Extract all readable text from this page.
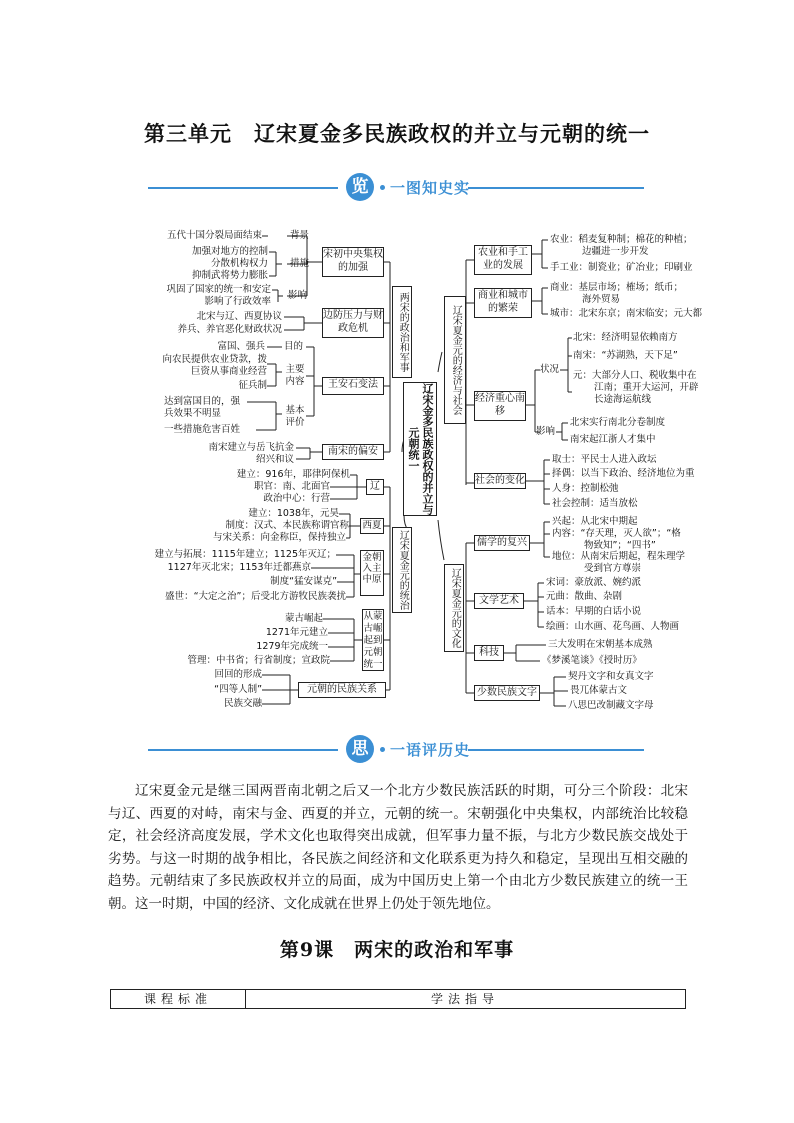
第三单元　辽宋夏金多民族政权的并立与元朝的统一
览	一图知史实
辽宋金多民族政权的并立与元朝统一
两宋的政治和军事
辽宋夏金元的统治
辽宋夏金元的经济与社会
辽宋夏金元的文化
宋初中央集权的加强
背景
五代十国分裂局面结束
措施
加强对地方的控制
分散机构权力
抑制武将势力膨胀
影响
巩固了国家的统一和安定
影响了行政效率
边防压力与财政危机
北宋与辽、西夏协议
养兵、养官恶化财政状况
王安石变法
目的
富国、强兵
主要内容
向农民提供农业贷款，拨
巨资从事商业经营
征兵制
基本评价
达到富国目的，强
兵效果不明显
一些措施危害百姓
南宋的偏安
南宋建立与岳飞抗金
绍兴和议
辽
建立：916年，耶律阿保机
职官：南、北面官
政治中心：行营
西夏
建立：1038年，元昊
制度：汉式、本民族称谓官称
与宋关系：向金称臣，保持独立
金朝入主中原
建立与拓展：1115年建立；1125年灭辽；
1127年灭北宋；1153年迁都燕京
制度“猛安谋克”
盛世：“大定之治”；后受北方游牧民族袭扰
从蒙古崛起到元朝统一
蒙古崛起
1271年元建立
1279年完成统一
管理：中书省；行省制度；宣政院
元朝的民族关系
回回的形成
“四等人制”
民族交融
农业和手工业的发展
农业：稻麦复种制；棉花的种植；
边疆进一步开发
手工业：制瓷业；矿冶业；印刷业
商业和城市的繁荣
商业：基层市场；榷场；纸币；
海外贸易
城市：北宋东京；南宋临安；元大都
经济重心南移
状况
影响
北宋：经济明显依赖南方
南宋：“苏湖熟，天下足”
元：大部分人口、税收集中在
江南；重开大运河，开辟
长途海运航线
北宋实行南北分卷制度
南宋起江浙人才集中
社会的变化
取士：平民士人进入政坛
择偶：以当下政治、经济地位为重
人身：控制松弛
社会控制：适当放松
儒学的复兴
兴起：从北宋中期起
内容：“存天理，灭人欲”；“格
物致知”；“四书”
地位：从南宋后期起，程朱理学
受到官方尊崇
文学艺术
宋词：豪放派、婉约派
元曲：散曲、杂剧
话本：早期的白话小说
绘画：山水画、花鸟画、人物画
科技
三大发明在宋朝基本成熟
《梦溪笔谈》《授时历》
少数民族文字
契丹文字和女真文字
畏兀体蒙古文
八思巴改制藏文字母
思	一语评历史
辽宋夏金元是继三国两晋南北朝之后又一个北方少数民族活跃的时期，可分三个阶段：北宋与辽、西夏的对峙，南宋与金、西夏的并立，元朝的统一。宋朝强化中央集权，内部统治比较稳定，社会经济高度发展，学术文化也取得突出成就，但军事力量不振，与北方少数民族交战处于劣势。与这一时期的战争相比，各民族之间经济和文化联系更为持久和稳定，呈现出互相交融的趋势。元朝结束了多民族政权并立的局面，成为中国历史上第一个由北方少数民族建立的统一王朝。这一时期，中国的经济、文化成就在世界上仍处于领先地位。
第9课　两宋的政治和军事
课程标准	学法指导
